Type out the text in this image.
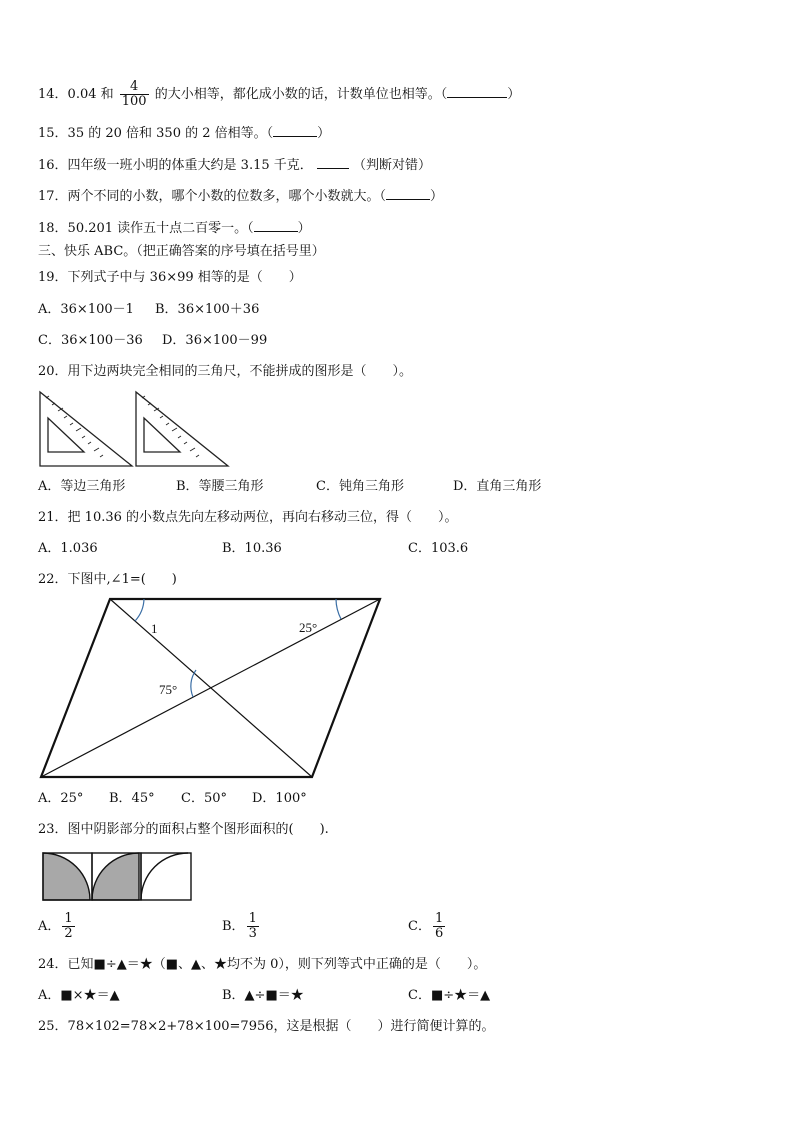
14．0.04 和 $\frac{4}{100}$ 的大小相等，都化成小数的话，计数单位也相等。（	）
15．35 的 20 倍和 350 的 2 倍相等。（	）
16．四年级一班小明的体重大约是 3.15 千克．	（判断对错）
17．两个不同的小数，哪个小数的位数多，哪个小数就大。（	）
18．50.201 读作五十点二百零一。（	）
三、快乐 ABC。（把正确答案的序号填在括号里）
19．下列式子中与 36×99 相等的是（　　）
A．36×100－1 B．36×100＋36
C．36×100－36 D．36×100－99
20．用下边两块完全相同的三角尺，不能拼成的图形是（　　）。
A．等边三角形	B．等腰三角形	C．钝角三角形	D．直角三角形
21．把 10.36 的小数点先向左移动两位，再向右移动三位，得（　　）。
A．1.036	B．10.36	C．103.6
22．下图中,∠1=(　　)
1	25°
75°
A．25° B．45° C．50° D．100°
23．图中阴影部分的面积占整个图形面积的(　　).
A． $\frac{1}{2}$	B． $\frac{1}{3}$	C． $\frac{1}{6}$
24．已知■÷▲＝★（■、▲、★均不为 0），则下列等式中正确的是（　　）。
A．■×★＝▲	B．▲÷■＝★	C．■÷★＝▲
25．78×102=78×2+78×100=7956，这是根据（　　）进行简便计算的。
